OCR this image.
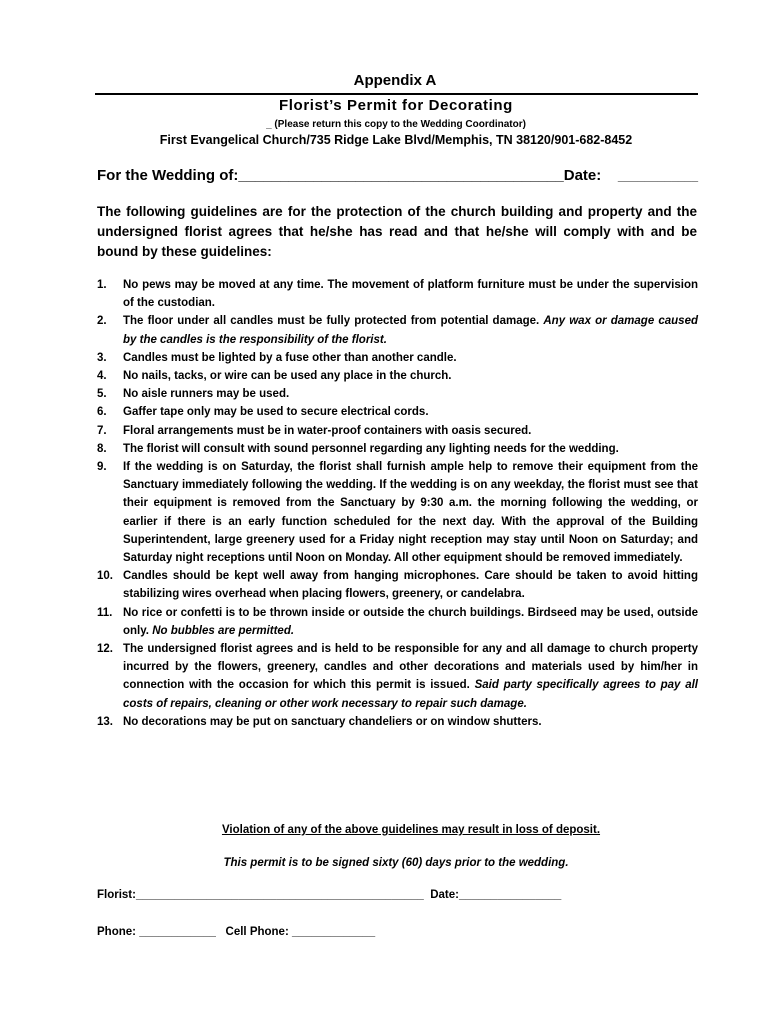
Appendix A
Florist’s Permit for Decorating
_ (Please return this copy to the Wedding Coordinator)
First Evangelical Church/735 Ridge Lake Blvd/Memphis, TN 38120/901-682-8452
For the Wedding of:_______________________________________Date: ____________
The following guidelines are for the protection of the church building and property and the undersigned florist agrees that he/she has read and that he/she will comply with and be bound by these guidelines:
1. No pews may be moved at any time. The movement of platform furniture must be under the supervision of the custodian.
2. The floor under all candles must be fully protected from potential damage. Any wax or damage caused by the candles is the responsibility of the florist.
3. Candles must be lighted by a fuse other than another candle.
4. No nails, tacks, or wire can be used any place in the church.
5. No aisle runners may be used.
6. Gaffer tape only may be used to secure electrical cords.
7. Floral arrangements must be in water-proof containers with oasis secured.
8. The florist will consult with sound personnel regarding any lighting needs for the wedding.
9. If the wedding is on Saturday, the florist shall furnish ample help to remove their equipment from the Sanctuary immediately following the wedding. If the wedding is on any weekday, the florist must see that their equipment is removed from the Sanctuary by 9:30 a.m. the morning following the wedding, or earlier if there is an early function scheduled for the next day. With the approval of the Building Superintendent, large greenery used for a Friday night reception may stay until Noon on Saturday; and Saturday night receptions until Noon on Monday. All other equipment should be removed immediately.
10. Candles should be kept well away from hanging microphones. Care should be taken to avoid hitting stabilizing wires overhead when placing flowers, greenery, or candelabra.
11. No rice or confetti is to be thrown inside or outside the church buildings. Birdseed may be used, outside only. No bubbles are permitted.
12. The undersigned florist agrees and is held to be responsible for any and all damage to church property incurred by the flowers, greenery, candles and other decorations and materials used by him/her in connection with the occasion for which this permit is issued. Said party specifically agrees to pay all costs of repairs, cleaning or other work necessary to repair such damage.
13. No decorations may be put on sanctuary chandeliers or on window shutters.
Violation of any of the above guidelines may result in loss of deposit.
This permit is to be signed sixty (60) days prior to the wedding.
Florist:_____________________________________________ Date:________________
Phone: ____________ Cell Phone: _____________
